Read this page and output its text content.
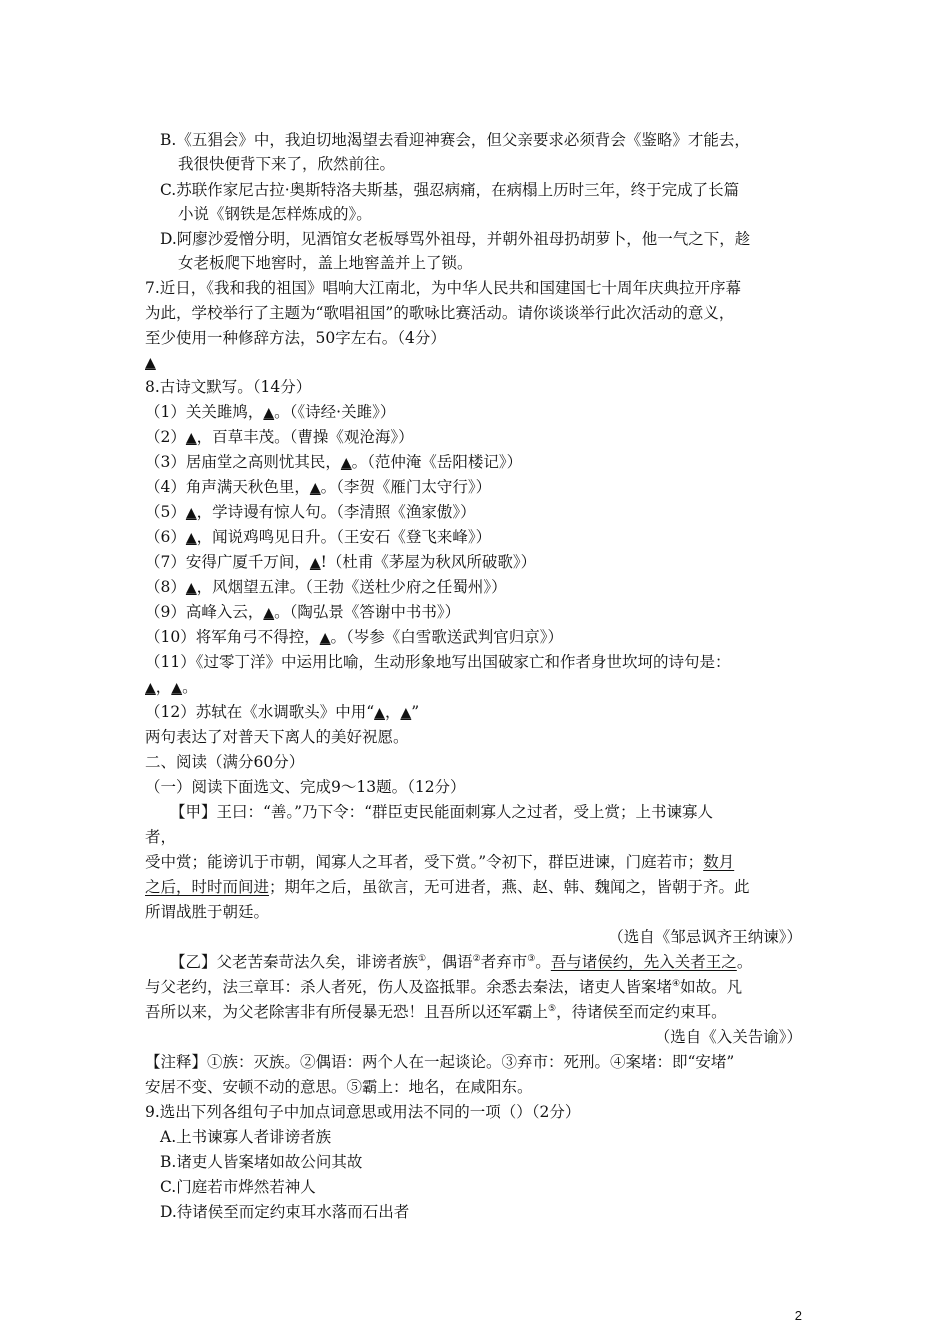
B.《五猖会》中，我迫切地渴望去看迎神赛会，但父亲要求必须背会《鉴略》才能去，
我很快便背下来了，欣然前往。
C.苏联作家尼古拉·奥斯特洛夫斯基，强忍病痛，在病榻上历时三年，终于完成了长篇
小说《钢铁是怎样炼成的》。
D.阿廖沙爱憎分明，见酒馆女老板辱骂外祖母，并朝外祖母扔胡萝卜，他一气之下，趁
女老板爬下地窖时，盖上地窖盖并上了锁。
7.近日，《我和我的祖国》唱响大江南北，为中华人民共和国建国七十周年庆典拉开序幕
为此，学校举行了主题为“歌唱祖国”的歌咏比赛活动。请你谈谈举行此次活动的意义，
至少使用一种修辞方法，50字左右。（4分）
▲
8.古诗文默写。（14分）
（1）关关雎鸠，▲。（《诗经·关雎》）
（2）▲，百草丰茂。（曹操《观沧海》）
（3）居庙堂之高则忧其民，▲。（范仲淹《岳阳楼记》）
（4）角声满天秋色里，▲。（李贺《雁门太守行》）
（5）▲，学诗谩有惊人句。（李清照《渔家傲》）
（6）▲，闻说鸡鸣见日升。（王安石《登飞来峰》）
（7）安得广厦千万间，▲!（杜甫《茅屋为秋风所破歌》）
（8）▲，风烟望五津。（王勃《送杜少府之任蜀州》）
（9）高峰入云，▲。（陶弘景《答谢中书书》）
（10）将军角弓不得控，▲。（岑参《白雪歌送武判官归京》）
（11）《过零丁洋》中运用比喻，生动形象地写出国破家亡和作者身世坎坷的诗句是：
▲，▲。
（12）苏轼在《水调歌头》中用“▲，▲”
两句表达了对普天下离人的美好祝愿。
二、阅读（满分60分）
（一）阅读下面选文、完成9～13题。（12分）
【甲】王曰：“善。”乃下令：“群臣吏民能面刺寡人之过者，受上赏；上书谏寡人
者，
受中赏；能谤讥于市朝，闻寡人之耳者，受下赏。”令初下，群臣进谏，门庭若市；数月
之后，时时而间进；期年之后，虽欲言，无可进者，燕、赵、韩、魏闻之，皆朝于齐。此
所谓战胜于朝廷。
（选自《邹忌讽齐王纳谏》）
【乙】父老苦秦苛法久矣，诽谤者族①，偶语②者弃市③。吾与诸侯约，先入关者王之。
与父老约，法三章耳：杀人者死，伤人及盗抵罪。余悉去秦法，诸吏人皆案堵④如故。凡
吾所以来，为父老除害非有所侵暴无恐！且吾所以还军霸上⑤，待诸侯至而定约束耳。
（选自《入关告谕》）
【注释】①族：灭族。②偶语：两个人在一起谈论。③弃市：死刑。④案堵：即“安堵”
安居不变、安顿不动的意思。⑤霸上：地名，在咸阳东。
9.选出下列各组句子中加点词意思或用法不同的一项（）（2分）
A.上书谏寡人者诽谤者族
B.诸吏人皆案堵如故公问其故
C.门庭若市烨然若神人
D.待诸侯至而定约束耳水落而石出者
2
